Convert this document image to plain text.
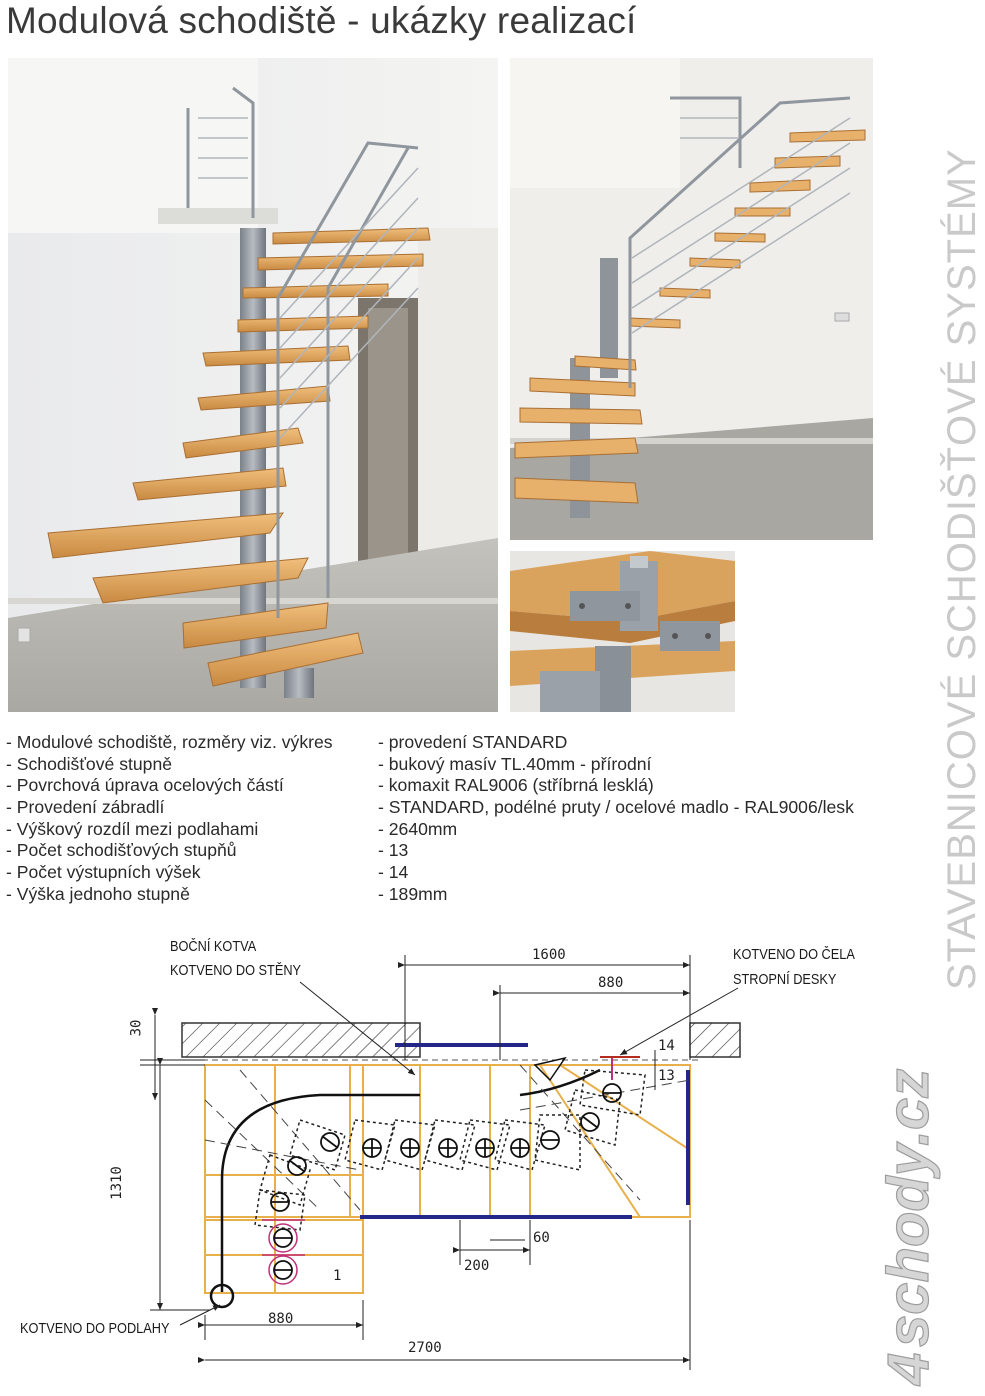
Modulová schodiště - ukázky realizací
- Modulové schodiště, rozměry viz. výkres	- provedení STANDARD
- Schodišťové stupně	- bukový masív TL.40mm - přírodní
- Povrchová úprava ocelových částí	- komaxit RAL9006 (stříbrná lesklá)
- Provedení zábradlí	- STANDARD, podélné pruty / ocelové madlo - RAL9006/lesk
- Výškový rozdíl mezi podlahami	- 2640mm
- Počet schodišťových stupňů	- 13
- Počet výstupních výšek	- 14
- Výška jednoho stupně	- 189mm	STAVEBNICOVÉ SCHODIŠŤOVÉ SYSTÉMY
4
schody.cz
BOČNÍ KOTVA
KOTVENO DO STĚNY
KOTVENO DO ČELA
STROPNÍ DESKY
KOTVENO DO PODLAHY
1600
880
30
1310
14
13
60
200
1
880
2700
